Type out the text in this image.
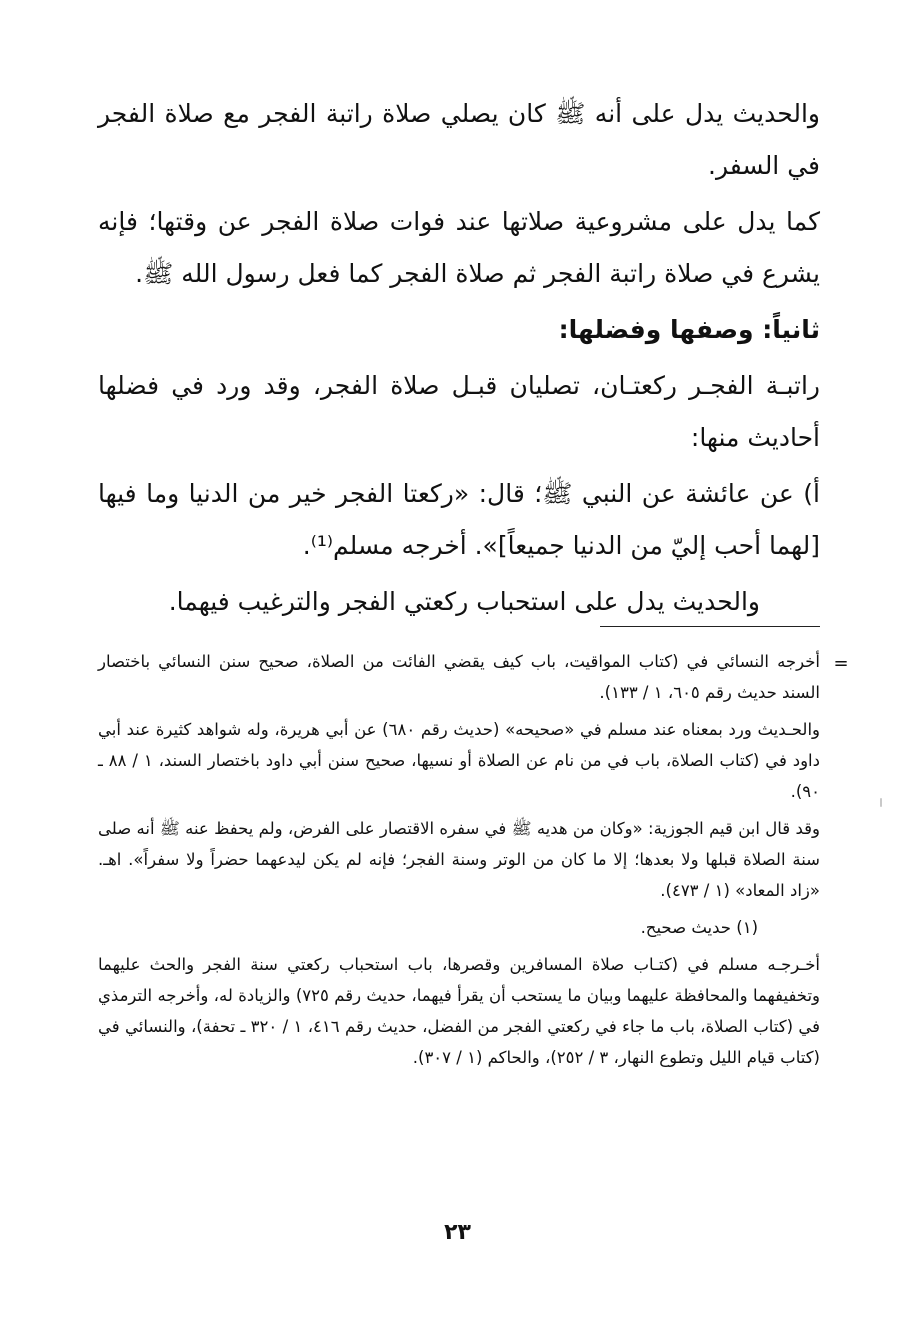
والحديث يدل على أنه ﷺ كان يصلي صلاة راتبة الفجر مع صلاة الفجر في السفر.

كما يدل على مشروعية صلاتها عند فوات صلاة الفجر عن وقتها؛ فإنه يشرع في صلاة راتبة الفجر ثم صلاة الفجر كما فعل رسول الله ﷺ.

ثانياً: وصفها وفضلها:

راتبـة الفجـر ركعتـان، تصليان قبـل صلاة الفجر، وقد ورد في فضلها أحاديث منها:

أ) عن عائشة عن النبي ﷺ؛ قال: «ركعتا الفجر خير من الدنيا وما فيها [لهما أحب إليّ من الدنيا جميعاً]». أخرجه مسلم⁽¹⁾.

والحديث يدل على استحباب ركعتي الفجر والترغيب فيهما.

=

أخرجه النسائي في (كتاب المواقيت، باب كيف يقضي الفائت من الصلاة، صحيح سنن النسائي باختصار السند حديث رقم ٦٠٥، ١ / ١٣٣).

والحـديث ورد بمعناه عند مسلم في «صحيحه» (حديث رقم ٦٨٠) عن أبي هريرة، وله شواهد كثيرة عند أبي داود في (كتاب الصلاة، باب في من نام عن الصلاة أو نسيها، صحيح سنن أبي داود باختصار السند، ١ / ٨٨ ـ ٩٠).

وقد قال ابن قيم الجوزية: «وكان من هديه ﷺ في سفره الاقتصار على الفرض، ولم يحفظ عنه ﷺ أنه صلى سنة الصلاة قبلها ولا بعدها؛ إلا ما كان من الوتر وسنة الفجر؛ فإنه لم يكن ليدعهما حضراً ولا سفراً». اهـ. «زاد المعاد» (١ / ٤٧٣).

(١) حديث صحيح.

أخـرجـه مسلم في (كتـاب صلاة المسافرين وقصرها، باب استحباب ركعتي سنة الفجر والحث عليهما وتخفيفهما والمحافظة عليهما وبيان ما يستحب أن يقرأ فيهما، حديث رقم ٧٢٥) والزيادة له، وأخرجه الترمذي في (كتاب الصلاة، باب ما جاء في ركعتي الفجر من الفضل، حديث رقم ٤١٦، ١ / ٣٢٠ ـ تحفة)، والنسائي في (كتاب قيام الليل وتطوع النهار، ٣ / ٢٥٢)، والحاكم (١ / ٣٠٧).

٢٣
